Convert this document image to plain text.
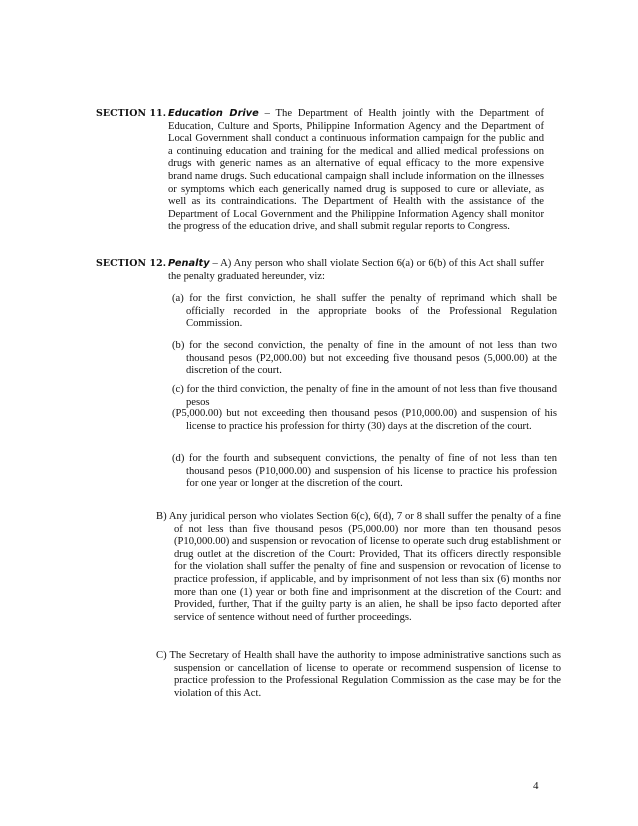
SECTION 11. Education Drive – The Department of Health jointly with the Department of Education, Culture and Sports, Philippine Information Agency and the Department of Local Government shall conduct a continuous information campaign for the public and a continuing education and training for the medical and allied medical professions on drugs with generic names as an alternative of equal efficacy to the more expensive brand name drugs. Such educational campaign shall include information on the illnesses or symptoms which each generically named drug is supposed to cure or alleviate, as well as its contraindications. The Department of Health with the assistance of the Department of Local Government and the Philippine Information Agency shall monitor the progress of the education drive, and shall submit regular reports to Congress.
SECTION 12. Penalty – A) Any person who shall violate Section 6(a) or 6(b) of this Act shall suffer the penalty graduated hereunder, viz:
(a) for the first conviction, he shall suffer the penalty of reprimand which shall be officially recorded in the appropriate books of the Professional Regulation Commission.
(b) for the second conviction, the penalty of fine in the amount of not less than two thousand pesos (P2,000.00) but not exceeding five thousand pesos (5,000.00) at the discretion of the court.
(c) for the third conviction, the penalty of fine in the amount of not less than five thousand pesos
(P5,000.00) but not exceeding then thousand pesos (P10,000.00) and suspension of his license to practice his profession for thirty (30) days at the discretion of the court.
(d) for the fourth and subsequent convictions, the penalty of fine of not less than ten thousand pesos (P10,000.00) and suspension of his license to practice his profession for one year or longer at the discretion of the court.
B) Any juridical person who violates Section 6(c), 6(d), 7 or 8 shall suffer the penalty of a fine of not less than five thousand pesos (P5,000.00) nor more than ten thousand pesos (P10,000.00) and suspension or revocation of license to operate such drug establishment or drug outlet at the discretion of the Court: Provided, That its officers directly responsible for the violation shall suffer the penalty of fine and suspension or revocation of license to practice profession, if applicable, and by imprisonment of not less than six (6) months nor more than one (1) year or both fine and imprisonment at the discretion of the Court: and Provided, further, That if the guilty party is an alien, he shall be ipso facto deported after service of sentence without need of further proceedings.
C) The Secretary of Health shall have the authority to impose administrative sanctions such as suspension or cancellation of license to operate or recommend suspension of license to practice profession to the Professional Regulation Commission as the case may be for the violation of this Act.
4
